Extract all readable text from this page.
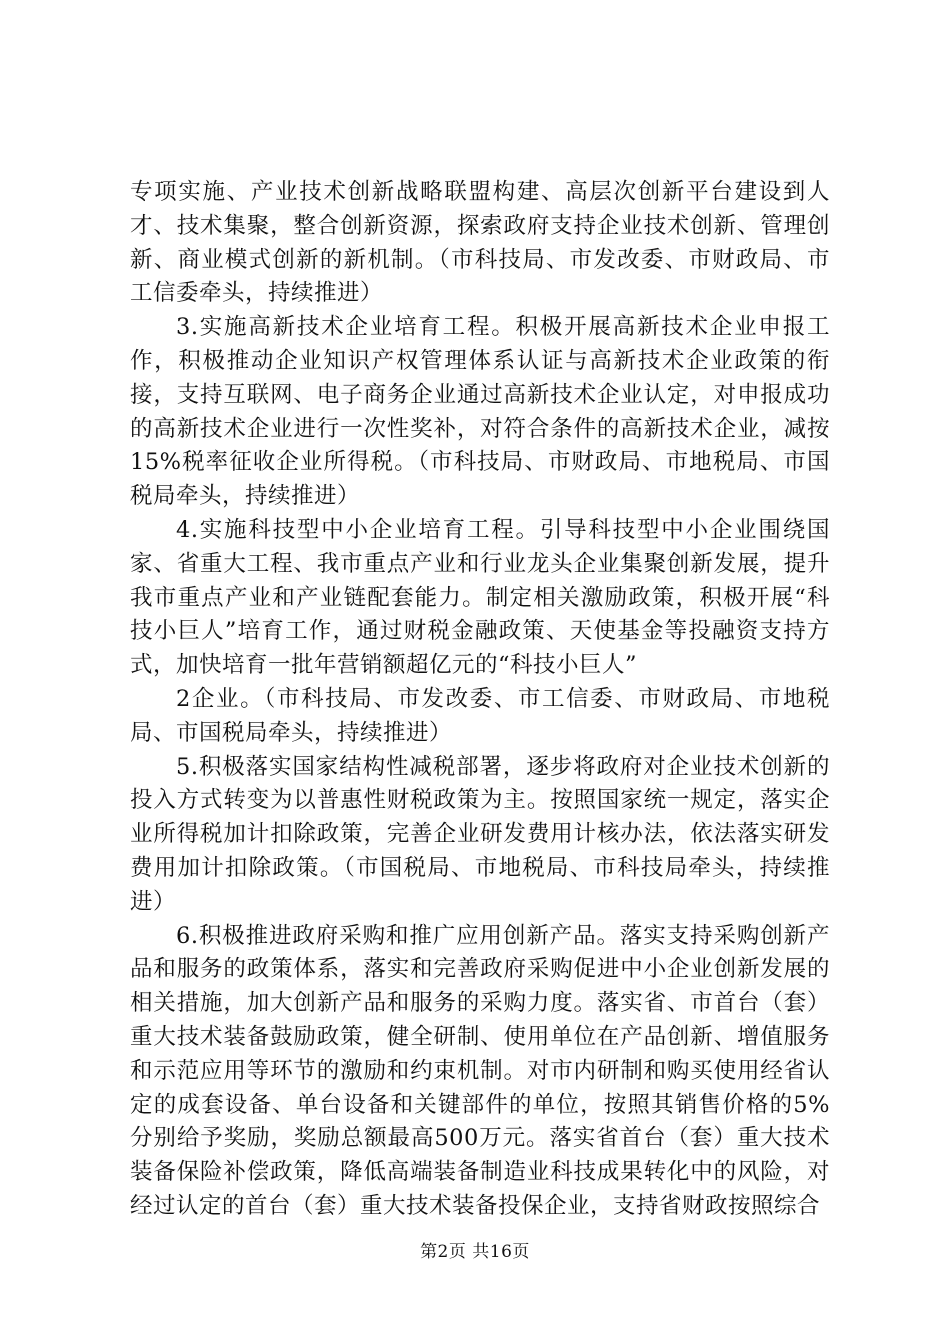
专项实施、产业技术创新战略联盟构建、高层次创新平台建设到人才、技术集聚，整合创新资源，探索政府支持企业技术创新、管理创新、商业模式创新的新机制。（市科技局、市发改委、市财政局、市工信委牵头，持续推进）

3.实施高新技术企业培育工程。积极开展高新技术企业申报工作，积极推动企业知识产权管理体系认证与高新技术企业政策的衔接，支持互联网、电子商务企业通过高新技术企业认定，对申报成功的高新技术企业进行一次性奖补，对符合条件的高新技术企业，减按15%税率征收企业所得税。（市科技局、市财政局、市地税局、市国税局牵头，持续推进）

4.实施科技型中小企业培育工程。引导科技型中小企业围绕国家、省重大工程、我市重点产业和行业龙头企业集聚创新发展，提升我市重点产业和产业链配套能力。制定相关激励政策，积极开展“科技小巨人”培育工作，通过财税金融政策、天使基金等投融资支持方式，加快培育一批年营销额超亿元的“科技小巨人”

2企业。（市科技局、市发改委、市工信委、市财政局、市地税局、市国税局牵头，持续推进）

5.积极落实国家结构性减税部署，逐步将政府对企业技术创新的投入方式转变为以普惠性财税政策为主。按照国家统一规定，落实企业所得税加计扣除政策，完善企业研发费用计核办法，依法落实研发费用加计扣除政策。（市国税局、市地税局、市科技局牵头，持续推进）

6.积极推进政府采购和推广应用创新产品。落实支持采购创新产品和服务的政策体系，落实和完善政府采购促进中小企业创新发展的相关措施，加大创新产品和服务的采购力度。落实省、市首台（套）重大技术装备鼓励政策，健全研制、使用单位在产品创新、增值服务和示范应用等环节的激励和约束机制。对市内研制和购买使用经省认定的成套设备、单台设备和关键部件的单位，按照其销售价格的5%分别给予奖励，奖励总额最高500万元。落实省首台（套）重大技术装备保险补偿政策，降低高端装备制造业科技成果转化中的风险，对经过认定的首台（套）重大技术装备投保企业，支持省财政按照综合

第2页 共16页
